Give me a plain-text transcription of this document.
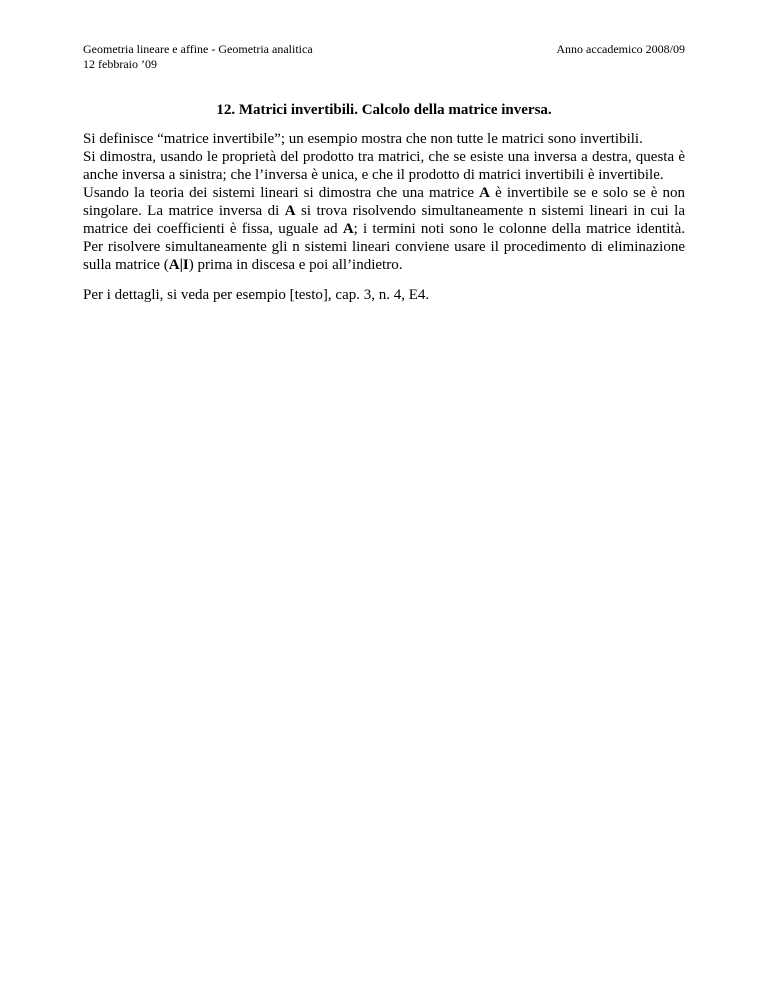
Geometria lineare e affine - Geometria analitica
12 febbraio ’09
Anno accademico 2008/09
12. Matrici invertibili. Calcolo della matrice inversa.

Si definisce “matrice invertibile”; un esempio mostra che non tutte le matrici sono invertibili.

Si dimostra, usando le proprietà del prodotto tra matrici, che se esiste una inversa a destra, questa è anche inversa a sinistra; che l’inversa è unica, e che il prodotto di matrici invertibili è invertibile.

Usando la teoria dei sistemi lineari si dimostra che una matrice A è invertibile se e solo se è non singolare. La matrice inversa di A si trova risolvendo simultaneamente n sistemi lineari in cui la matrice dei coefficienti è fissa, uguale ad A; i termini noti sono le colonne della matrice identità. Per risolvere simultaneamente gli n sistemi lineari conviene usare il procedimento di eliminazione sulla matrice (A|I) prima in discesa e poi all’indietro.

Per i dettagli, si veda per esempio [testo], cap. 3, n. 4, E4.
